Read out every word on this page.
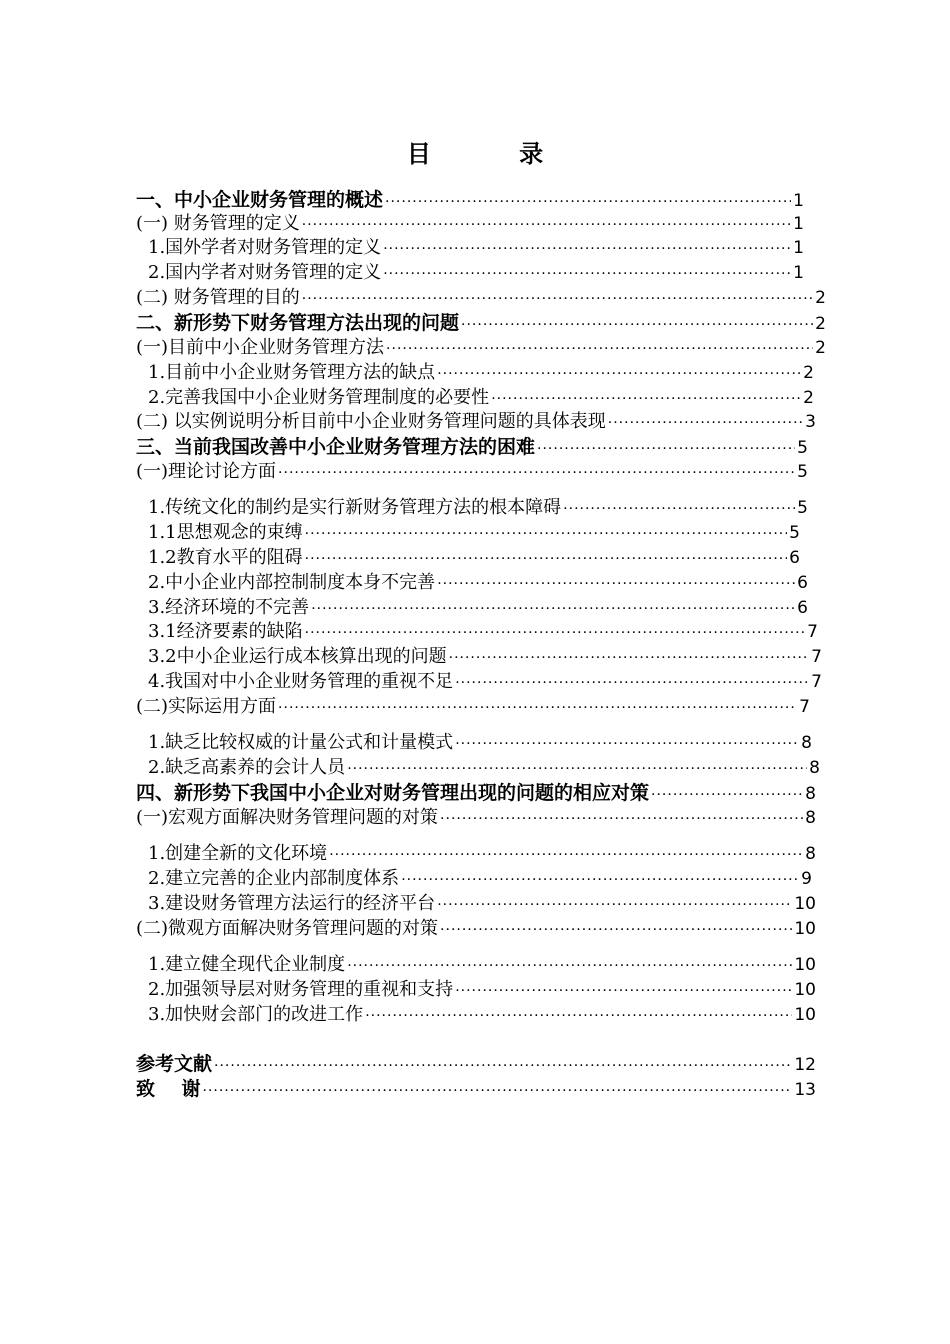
目 录
一、中小企业财务管理的概述 ·····	1
(一) 财务管理的定义 ·····	1
1.国外学者对财务管理的定义 ·····	1
2.国内学者对财务管理的定义 ·····	1
(二) 财务管理的目的 ·····	2
二、新形势下财务管理方法出现的问题 ·····	2
(一)目前中小企业财务管理方法 ·····	2
1.目前中小企业财务管理方法的缺点 ·····	2
2.完善我国中小企业财务管理制度的必要性 ·····	2
(二) 以实例说明分析目前中小企业财务管理问题的具体表现 ·····	3
三、当前我国改善中小企业财务管理方法的困难 ·····	5
(一)理论讨论方面 ·····	5
1.传统文化的制约是实行新财务管理方法的根本障碍 ·····	5
1.1思想观念的束缚 ·····	5
1.2教育水平的阻碍 ·····	6
2.中小企业内部控制制度本身不完善 ·····	6
3.经济环境的不完善 ·····	6
3.1经济要素的缺陷 ·····	7
3.2中小企业运行成本核算出现的问题 ·····	7
4.我国对中小企业财务管理的重视不足 ·····	7
(二)实际运用方面 ·····	7
1.缺乏比较权威的计量公式和计量模式 ·····	8
2.缺乏高素养的会计人员 ·····	8
四、新形势下我国中小企业对财务管理出现的问题的相应对策 ·····	8
(一)宏观方面解决财务管理问题的对策 ·····	8
1.创建全新的文化环境 ·····	8
2.建立完善的企业内部制度体系 ·····	9
3.建设财务管理方法运行的经济平台 ·····	10
(二)微观方面解决财务管理问题的对策 ·····	10
1.建立健全现代企业制度 ·····	10
2.加强领导层对财务管理的重视和支持 ·····	10
3.加快财会部门的改进工作 ·····	10
参考文献 ·····	12
致    谢 ·····	13
